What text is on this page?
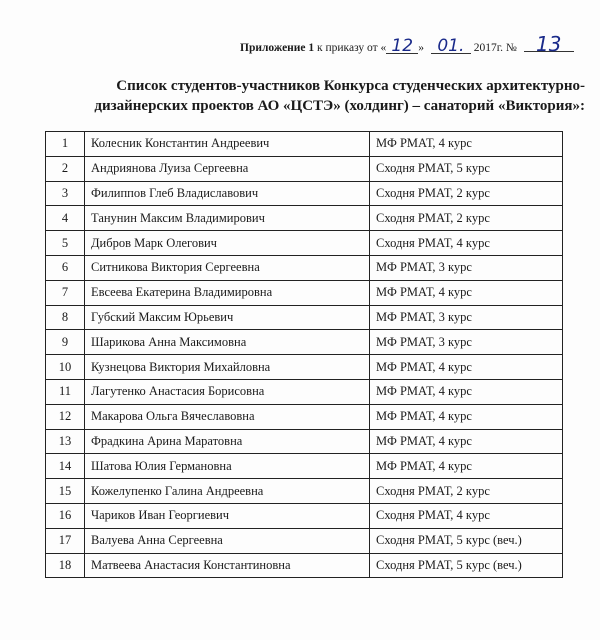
Приложение 1 к приказу от « 12 » 01. 2017г. № 13
Список студентов-участников Конкурса студенческих архитектурно-
дизайнерских проектов АО «ЦСТЭ» (холдинг) – санаторий «Виктория»:
1	Колесник Константин Андреевич	МФ РМАТ, 4 курс
2	Андриянова Луиза Сергеевна	Сходня РМАТ, 5 курс
3	Филиппов Глеб Владиславович	Сходня РМАТ, 2 курс
4	Танунин Максим Владимирович	Сходня РМАТ, 2 курс
5	Дибров Марк Олегович	Сходня РМАТ, 4 курс
6	Ситникова Виктория Сергеевна	МФ РМАТ, 3 курс
7	Евсеева Екатерина Владимировна	МФ РМАТ, 4 курс
8	Губский Максим Юрьевич	МФ РМАТ, 3 курс
9	Шарикова Анна Максимовна	МФ РМАТ, 3 курс
10	Кузнецова Виктория Михайловна	МФ РМАТ, 4 курс
11	Лагутенко Анастасия Борисовна	МФ РМАТ, 4 курс
12	Макарова Ольга Вячеславовна	МФ РМАТ, 4 курс
13	Фрадкина Арина Маратовна	МФ РМАТ, 4 курс
14	Шатова Юлия Германовна	МФ РМАТ, 4 курс
15	Кожелупенко Галина Андреевна	Сходня РМАТ, 2 курс
16	Чариков Иван Георгиевич	Сходня РМАТ, 4 курс
17	Валуева Анна Сергеевна	Сходня РМАТ, 5 курс (веч.)
18	Матвеева Анастасия Константиновна	Сходня РМАТ, 5 курс (веч.)
